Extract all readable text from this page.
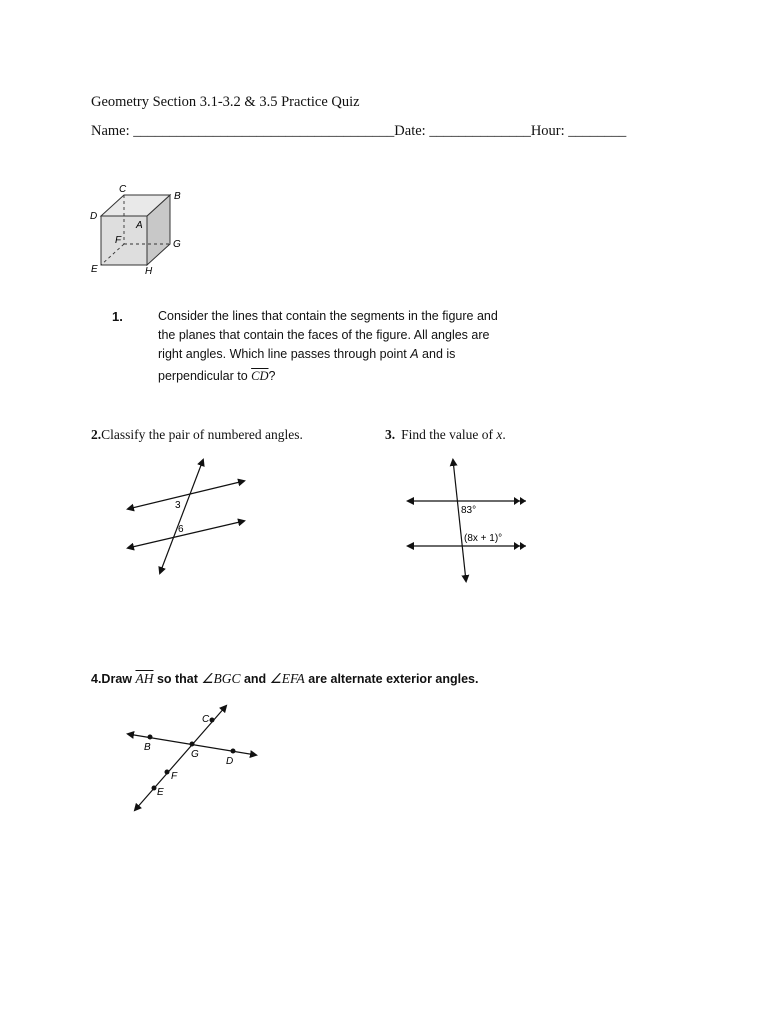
Geometry Section 3.1-3.2 & 3.5 Practice Quiz
Name: ____________________________________Date: ______________Hour: ________
C
B
D
A
F	G
E	H
1.	Consider the lines that contain the segments in the figure and
the planes that contain the faces of the figure. All angles are
right angles. Which line passes through point A and is
perpendicular to $\overline{CD}$?
2.Classify the pair of numbered angles.
3
6
3. Find the value of x.
83°
(8x + 1)°
4.Draw $\overline{AH}$ so that ∠BGC and ∠EFA are alternate exterior angles.
C
B
G
D
F
E
